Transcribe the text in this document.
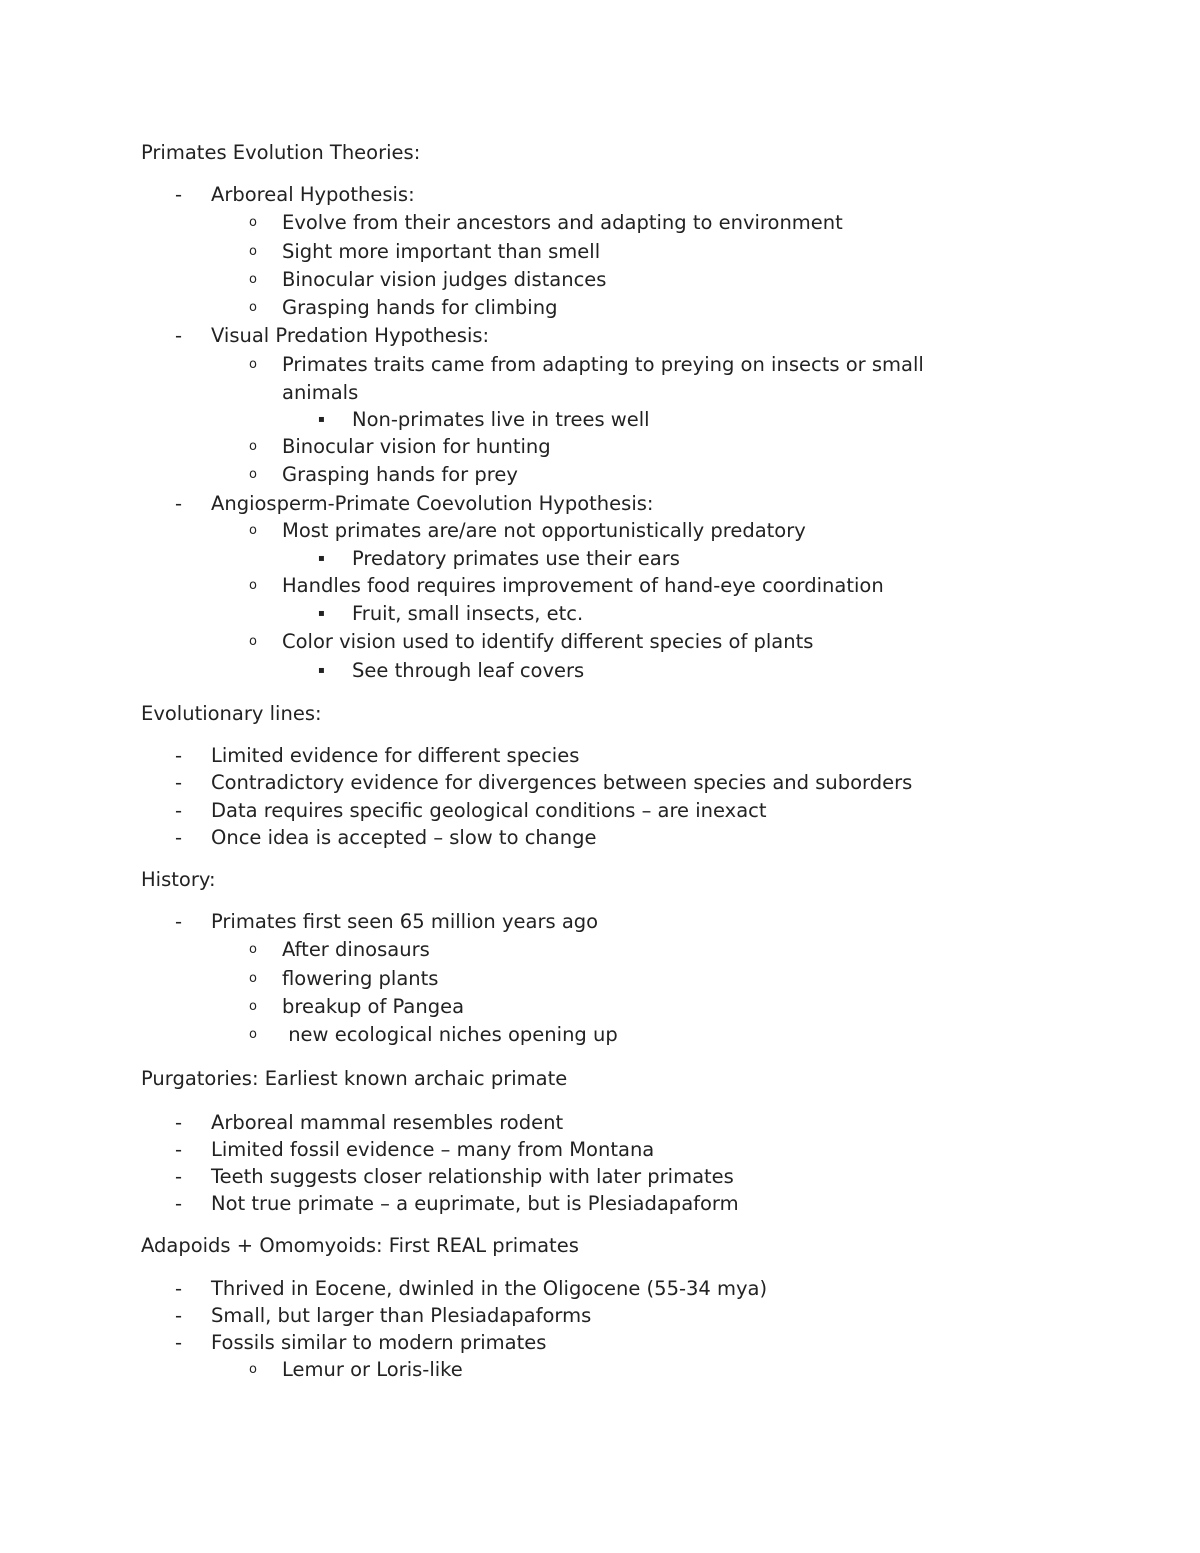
Primates Evolution Theories:
-	Arboreal Hypothesis:
o Evolve from their ancestors and adapting to environment
o Sight more important than smell
o Binocular vision judges distances
o Grasping hands for climbing
-	Visual Predation Hypothesis:
o Primates traits came from adapting to preying on insects or small
animals
▪ Non-primates live in trees well
o Binocular vision for hunting
o Grasping hands for prey
-	Angiosperm-Primate Coevolution Hypothesis:
o Most primates are/are not opportunistically predatory
▪ Predatory primates use their ears
o Handles food requires improvement of hand-eye coordination
▪ Fruit, small insects, etc.
o Color vision used to identify different species of plants
▪ See through leaf covers
Evolutionary lines:
-	Limited evidence for different species
-	Contradictory evidence for divergences between species and suborders
-	Data requires specific geological conditions – are inexact
-	Once idea is accepted – slow to change
History:
-	Primates first seen 65 million years ago
o After dinosaurs
o flowering plants
o breakup of Pangea
o new ecological niches opening up
Purgatories: Earliest known archaic primate
-	Arboreal mammal resembles rodent
-	Limited fossil evidence – many from Montana
-	Teeth suggests closer relationship with later primates
-	Not true primate – a euprimate, but is Plesiadapaform
Adapoids + Omomyoids: First REAL primates
-	Thrived in Eocene, dwinled in the Oligocene (55-34 mya)
-	Small, but larger than Plesiadapaforms
-	Fossils similar to modern primates
o Lemur or Loris-like
